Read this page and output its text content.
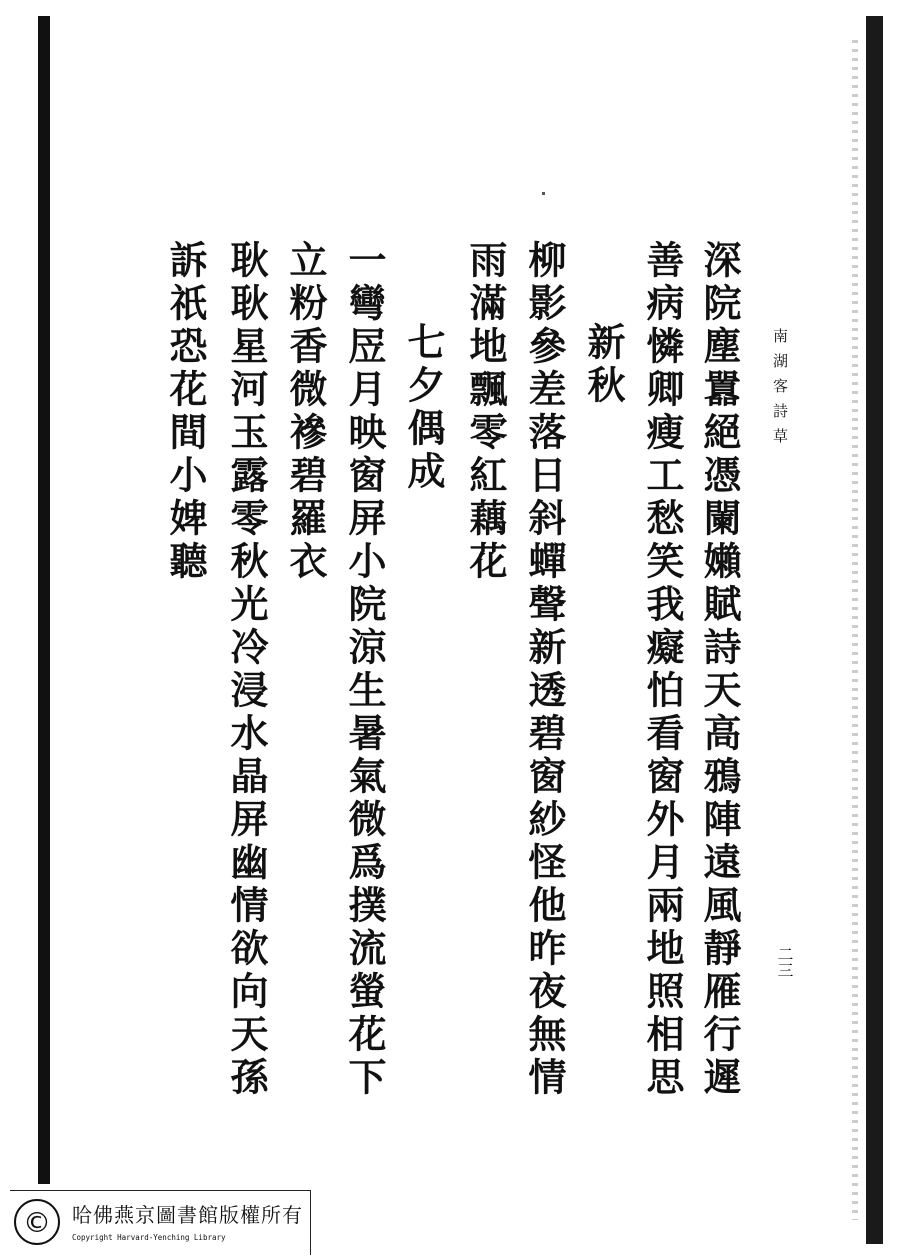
南湖客詩草
深院塵囂絕憑闌嬾賦詩天高鴉陣遠風靜雁行遲
善病憐卿瘦工愁笑我癡怕看窗外月兩地照相思
新秋
柳影參差落日斜蟬聲新透碧窗紗怪他昨夜無情
雨滿地飄零紅藕花
七夕偶成
一彎㞐月映窗屏小院涼生暑氣微爲撲流螢花下
立粉香微襂碧羅衣
耿耿星河玉露零秋光冷浸水晶屏幽情欲向天孫
訴祇恐花間小婢聽
二三
©	哈佛燕京圖書館版權所有
Copyright Harvard-Yenching Library
